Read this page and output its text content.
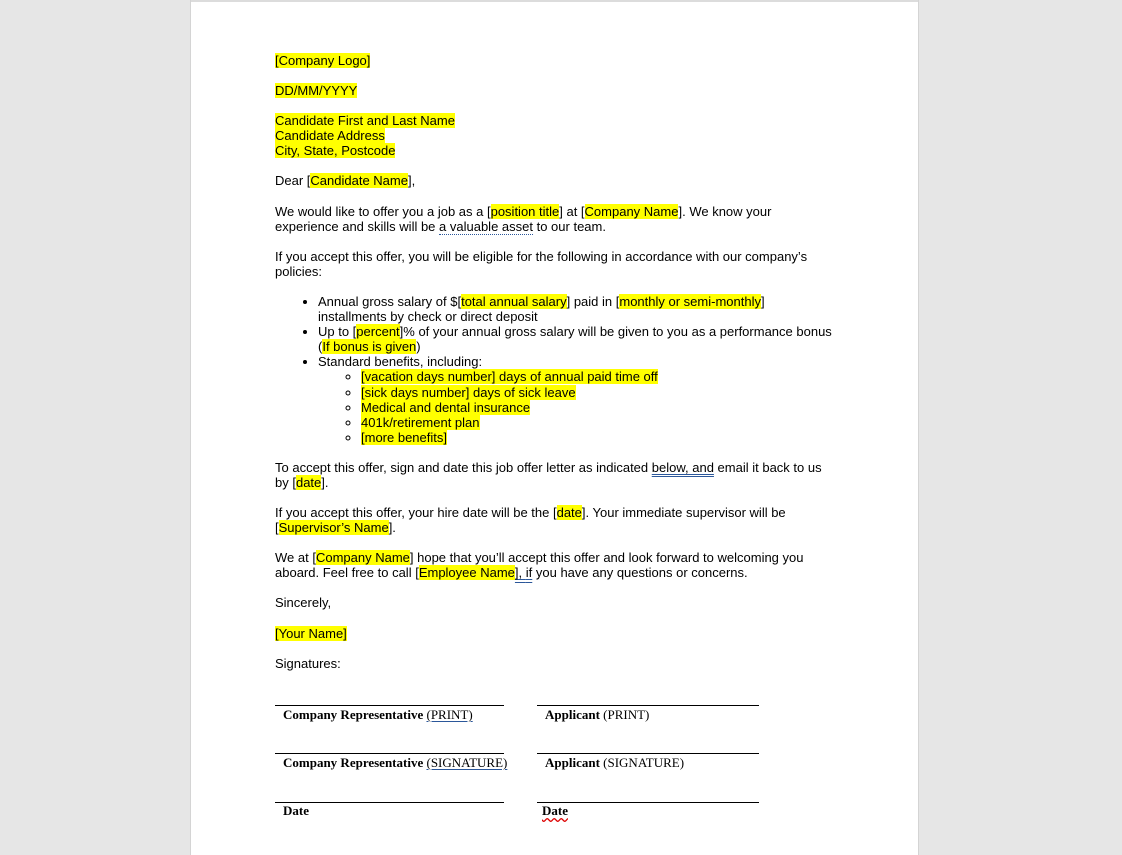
[Company Logo]

DD/MM/YYYY

Candidate First and Last Name
Candidate Address
City, State, Postcode

Dear [Candidate Name],

We would like to offer you a job as a [position title] at [Company Name]. We know your experience and skills will be a valuable asset to our team.

If you accept this offer, you will be eligible for the following in accordance with our company’s policies:

• Annual gross salary of $[total annual salary] paid in [monthly or semi-monthly] installments by check or direct deposit
• Up to [percent]% of your annual gross salary will be given to you as a performance bonus (If bonus is given)
• Standard benefits, including:
◦ [vacation days number] days of annual paid time off
◦ [sick days number] days of sick leave
◦ Medical and dental insurance
◦ 401k/retirement plan
◦ [more benefits]

To accept this offer, sign and date this job offer letter as indicated below, and email it back to us by [date].

If you accept this offer, your hire date will be the [date]. Your immediate supervisor will be [Supervisor’s Name].

We at [Company Name] hope that you’ll accept this offer and look forward to welcoming you aboard. Feel free to call [Employee Name], if you have any questions or concerns.

Sincerely,

[Your Name]

Signatures:

Company Representative (PRINT)	Applicant (PRINT)
Company Representative (SIGNATURE)	Applicant (SIGNATURE)
Date	Date
